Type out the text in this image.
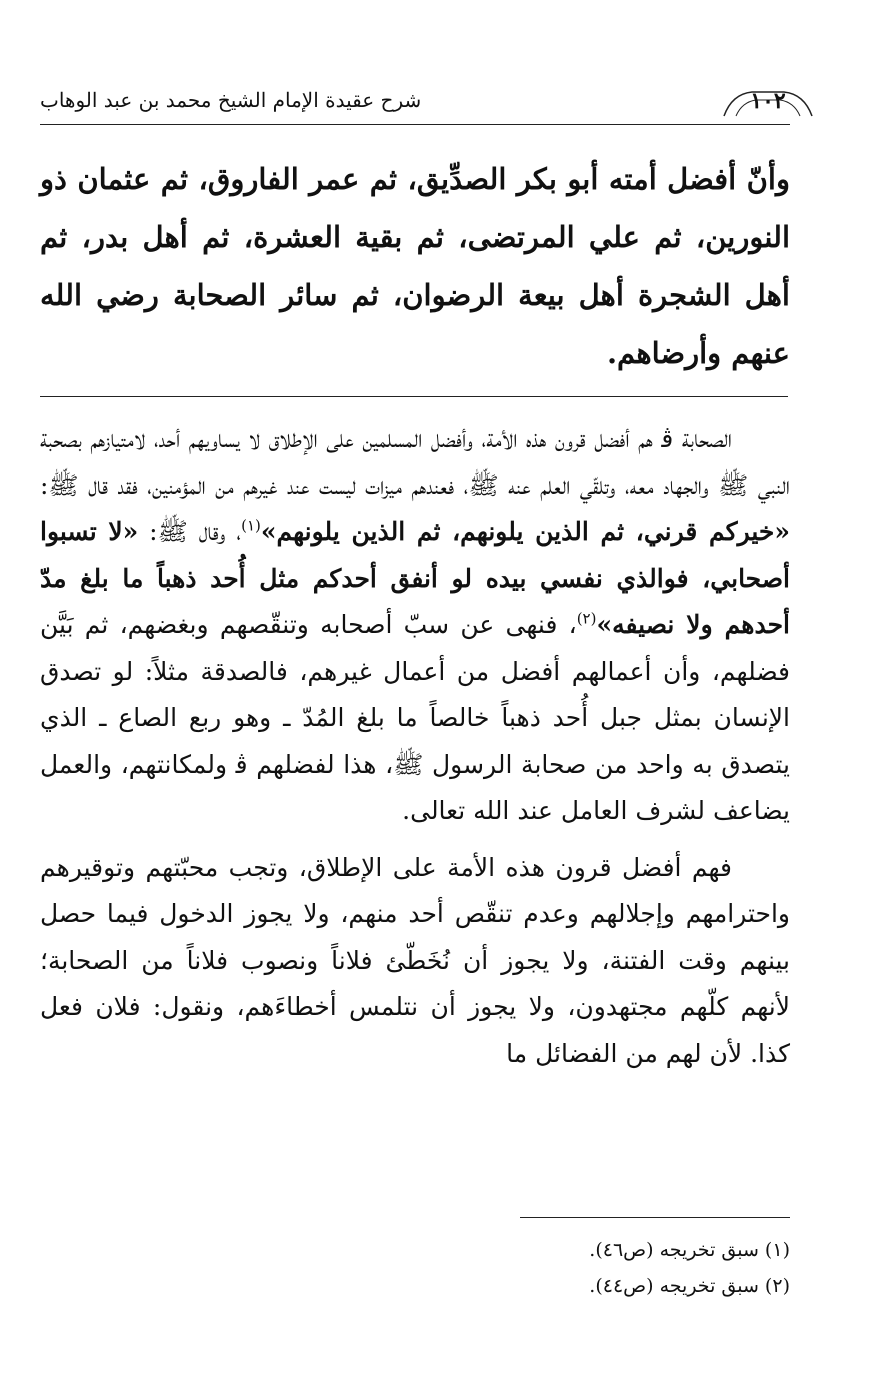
١٠٢
شرح عقيدة الإمام الشيخ محمد بن عبد الوهاب
وأنّ أفضل أمته أبو بكر الصدِّيق، ثم عمر الفاروق، ثم عثمان ذو النورين، ثم علي المرتضى، ثم بقية العشرة، ثم أهل بدر، ثم أهل الشجرة أهل بيعة الرضوان، ثم سائر الصحابة رضي الله عنهم وأرضاهم.

الصحابة ﭬ هم أفضل قرون هذه الأمة، وأفضل المسلمين على الإطلاق لا يساويهم أحد، لامتيازهم بصحبة النبي ﷺ والجهاد معه، وتلقّي العلم عنه ﷺ، فعندهم ميزات ليست عند غيرهم من المؤمنين، فقد قال ﷺ: «خيركم قرني، ثم الذين يلونهم، ثم الذين يلونهم»$^{(١)}$، وقال ﷺ: «لا تسبوا أصحابي، فوالذي نفسي بيده لو أنفق أحدكم مثل أُحد ذهباً ما بلغ مدّ أحدهم ولا نصيفه»$^{(٢)}$، فنهى عن سبّ أصحابه وتنقّصهم وبغضهم، ثم بَيَّن فضلهم، وأن أعمالهم أفضل من أعمال غيرهم، فالصدقة مثلاً: لو تصدق الإنسان بمثل جبل أُحد ذهباً خالصاً ما بلغ المُدّ ـ وهو ربع الصاع ـ الذي يتصدق به واحد من صحابة الرسول ﷺ، هذا لفضلهم ﭬ ولمكانتهم، والعمل يضاعف لشرف العامل عند الله تعالى.

فهم أفضل قرون هذه الأمة على الإطلاق، وتجب محبّتهم وتوقيرهم واحترامهم وإجلالهم وعدم تنقّص أحد منهم، ولا يجوز الدخول فيما حصل بينهم وقت الفتنة، ولا يجوز أن نُخَطّئ فلاناً ونصوب فلاناً من الصحابة؛ لأنهم كلّهم مجتهدون، ولا يجوز أن نتلمس أخطاءَهم، ونقول: فلان فعل كذا. لأن لهم من الفضائل ما

(١) سبق تخريجه (ص٤٦).
(٢) سبق تخريجه (ص٤٤).
